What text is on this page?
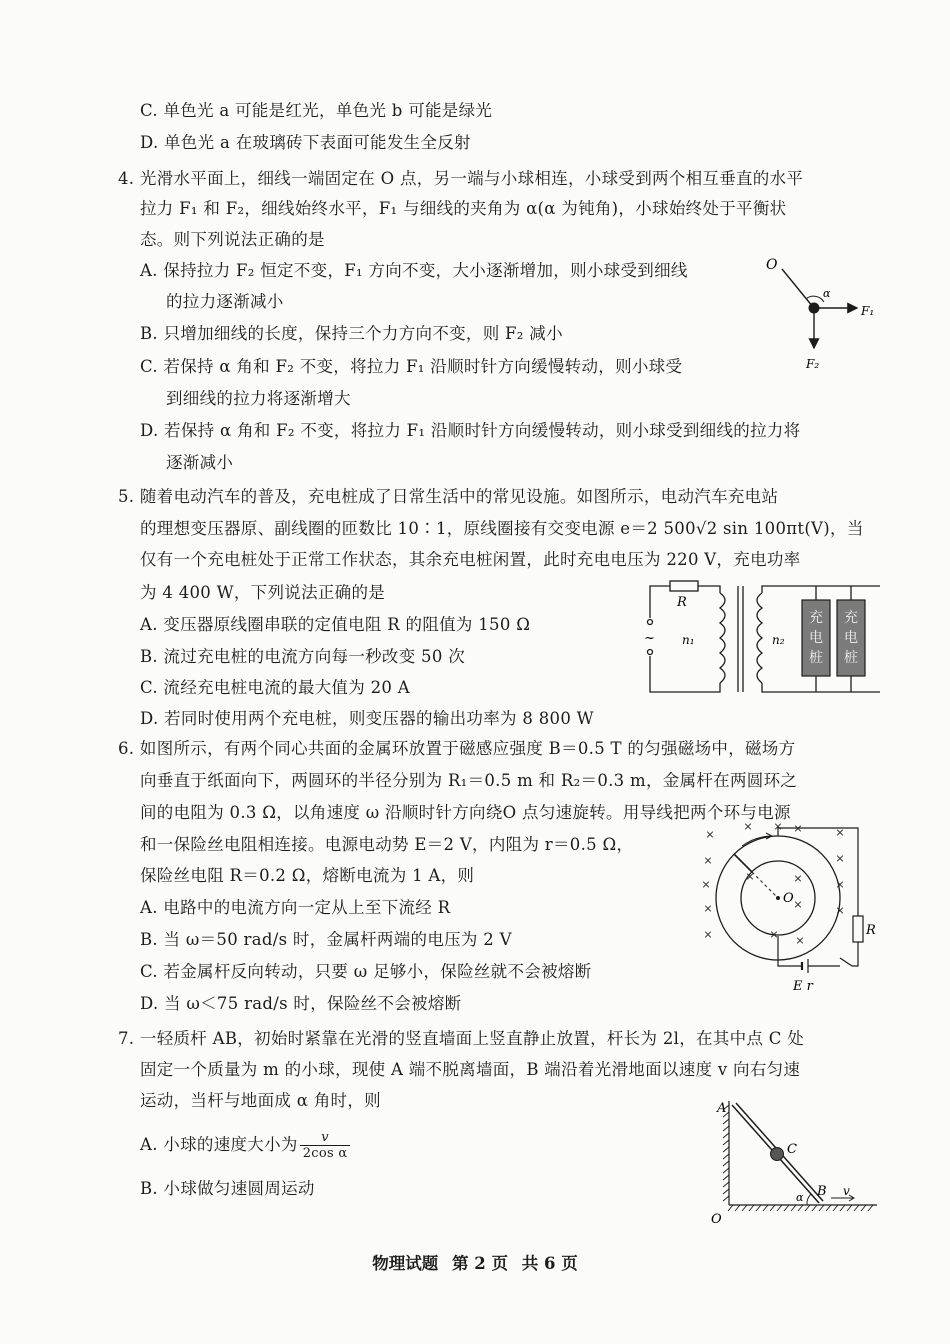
C. 单色光 a 可能是红光，单色光 b 可能是绿光
D. 单色光 a 在玻璃砖下表面可能发生全反射
4. 光滑水平面上，细线一端固定在 O 点，另一端与小球相连，小球受到两个相互垂直的水平
拉力 F₁ 和 F₂，细线始终水平，F₁ 与细线的夹角为 α(α 为钝角)，小球始终处于平衡状
态。则下列说法正确的是
A. 保持拉力 F₂ 恒定不变，F₁ 方向不变，大小逐渐增加，则小球受到细线
的拉力逐渐减小
B. 只增加细线的长度，保持三个力方向不变，则 F₂ 减小
C. 若保持 α 角和 F₂ 不变，将拉力 F₁ 沿顺时针方向缓慢转动，则小球受
到细线的拉力将逐渐增大
D. 若保持 α 角和 F₂ 不变，将拉力 F₁ 沿顺时针方向缓慢转动，则小球受到细线的拉力将
逐渐减小
O
α
F₁
F₂
5. 随着电动汽车的普及，充电桩成了日常生活中的常见设施。如图所示，电动汽车充电站
的理想变压器原、副线圈的匝数比 10∶1，原线圈接有交变电源 e＝2 500√2 sin 100πt(V)，当
仅有一个充电桩处于正常工作状态，其余充电桩闲置，此时充电电压为 220 V，充电功率
为 4 400 W，下列说法正确的是
A. 变压器原线圈串联的定值电阻 R 的阻值为 150 Ω
B. 流过充电桩的电流方向每一秒改变 50 次
C. 流经充电桩电流的最大值为 20 A
D. 若同时使用两个充电桩，则变压器的输出功率为 8 800 W
充
电
桩
充
电
桩
R
~ n₁	n₂
6. 如图所示，有两个同心共面的金属环放置于磁感应强度 B＝0.5 T 的匀强磁场中，磁场方
向垂直于纸面向下，两圆环的半径分别为 R₁＝0.5 m 和 R₂＝0.3 m，金属杆在两圆环之
间的电阻为 0.3 Ω，以角速度 ω 沿顺时针方向绕O 点匀速旋转。用导线把两个环与电源
和一保险丝电阻相连接。电源电动势 E＝2 V，内阻为 r＝0.5 Ω，
保险丝电阻 R＝0.2 Ω，熔断电流为 1 A，则
A. 电路中的电流方向一定从上至下流经 R
B. 当 ω＝50 rad/s 时，金属杆两端的电压为 2 V
C. 若金属杆反向转动，只要 ω 足够小，保险丝就不会被熔断
D. 当 ω＜75 rad/s 时，保险丝不会被熔断
×
× × ×	×
×	×
×
×	×	×
×	×	×
×	× ×
O
R
E r
7. 一轻质杆 AB，初始时紧靠在光滑的竖直墙面上竖直静止放置，杆长为 2l，在其中点 C 处
固定一个质量为 m 的小球，现使 A 端不脱离墙面，B 端沿着光滑地面以速度 v 向右匀速
运动，当杆与地面成 α 角时，则
A. 小球的速度大小为 $\frac{v}{\text{2cos α}}$
B. 小球做匀速圆周运动
A
C
O
B
α	v
物理试题 第 2 页 共 6 页
